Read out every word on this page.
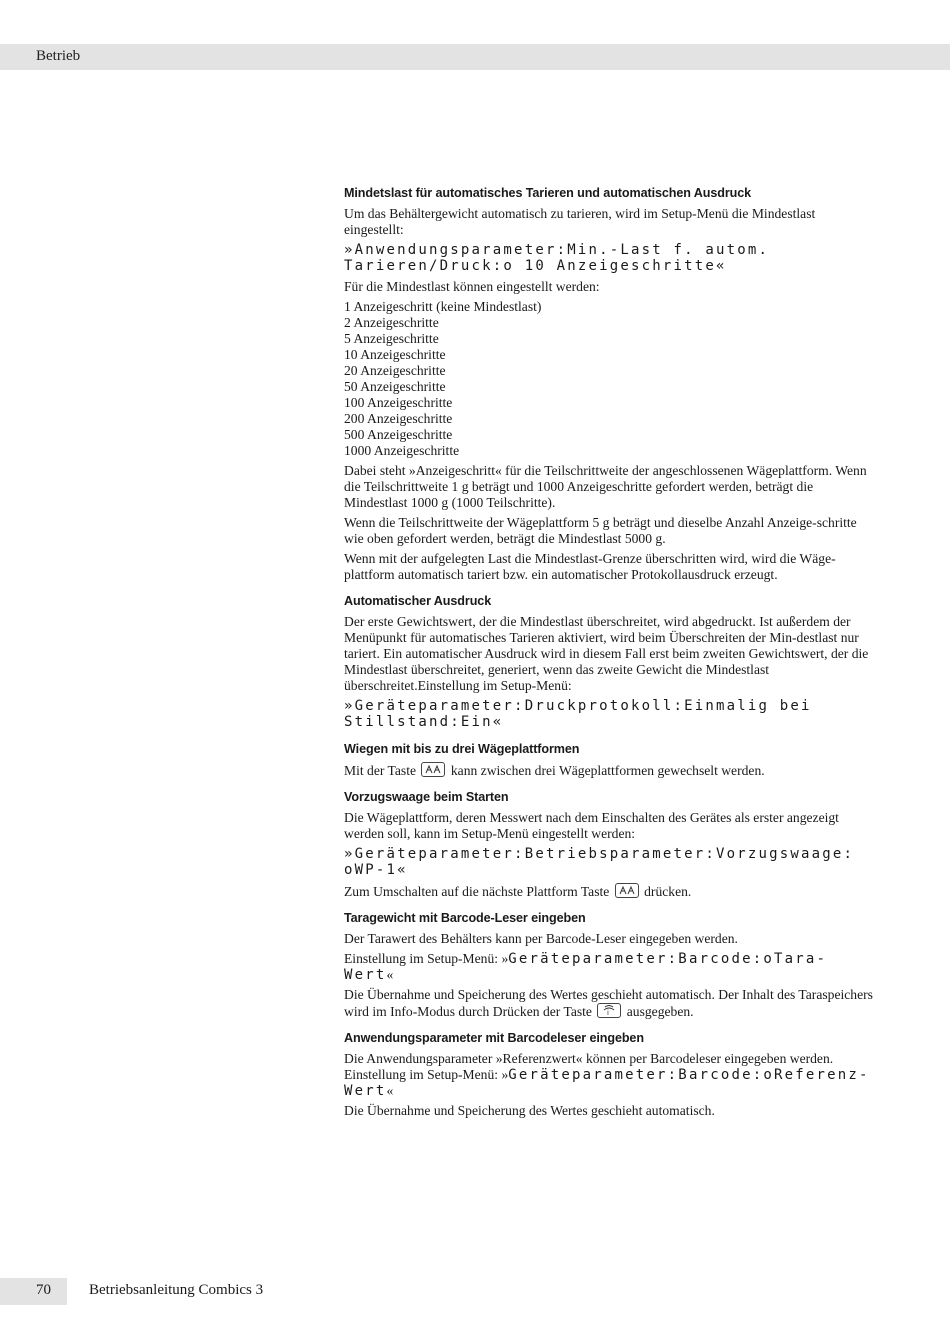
Betrieb
Mindetslast für automatisches Tarieren und automatischen Ausdruck

Um das Behältergewicht automatisch zu tarieren, wird im Setup-Menü die Mindestlast eingestellt:

»Anwendungsparameter:Min.-Last f. autom. Tarieren/Druck:o 10 Anzeigeschritte«

Für die Mindestlast können eingestellt werden:

1 Anzeigeschritt (keine Mindestlast)
2 Anzeigeschritte
5 Anzeigeschritte
10 Anzeigeschritte
20 Anzeigeschritte
50 Anzeigeschritte
100 Anzeigeschritte
200 Anzeigeschritte
500 Anzeigeschritte
1000 Anzeigeschritte

Dabei steht »Anzeigeschritt« für die Teilschrittweite der angeschlossenen Wägeplattform. Wenn die Teilschrittweite 1 g beträgt und 1000 Anzeigeschritte gefordert werden, beträgt die Mindestlast 1000 g (1000 Teilschritte).

Wenn die Teilschrittweite der Wägeplattform 5 g beträgt und dieselbe Anzahl Anzeige-schritte wie oben gefordert werden, beträgt die Mindestlast 5000 g.

Wenn mit der aufgelegten Last die Mindestlast-Grenze überschritten wird, wird die Wäge-plattform automatisch tariert bzw. ein automatischer Protokollausdruck erzeugt.

Automatischer Ausdruck

Der erste Gewichtswert, der die Mindestlast überschreitet, wird abgedruckt. Ist außerdem der Menüpunkt für automatisches Tarieren aktiviert, wird beim Überschreiten der Min-destlast nur tariert. Ein automatischer Ausdruck wird in diesem Fall erst beim zweiten Gewichtswert, der die Mindestlast überschreitet, generiert, wenn das zweite Gewicht die Mindestlast überschreitet.Einstellung im Setup-Menü:

»Geräteparameter:Druckprotokoll:Einmalig bei Stillstand:Ein«
Wiegen mit bis zu drei Wägeplattformen

Mit der Taste	kann zwischen drei Wägeplattformen gewechselt werden.

Vorzugswaage beim Starten

Die Wägeplattform, deren Messwert nach dem Einschalten des Gerätes als erster angezeigt werden soll, kann im Setup-Menü eingestellt werden:

»Geräteparameter:Betriebsparameter:Vorzugswaage: oWP-1«

Zum Umschalten auf die nächste Plattform Taste	drücken.

Taragewicht mit Barcode-Leser eingeben

Der Tarawert des Behälters kann per Barcode-Leser eingegeben werden.

Einstellung im Setup-Menü: »Geräteparameter:Barcode:oTara-Wert«

Die Übernahme und Speicherung des Wertes geschieht automatisch. Der Inhalt des Taraspeichers wird im Info-Modus durch Drücken der Taste i ausgegeben.

Anwendungsparameter mit Barcodeleser eingeben

Die Anwendungsparameter »Referenzwert« können per Barcodeleser eingegeben werden.
Einstellung im Setup-Menü: »Geräteparameter:Barcode:oReferenz-Wert«

Die Übernahme und Speicherung des Wertes geschieht automatisch.

70	Betriebsanleitung Combics 3
